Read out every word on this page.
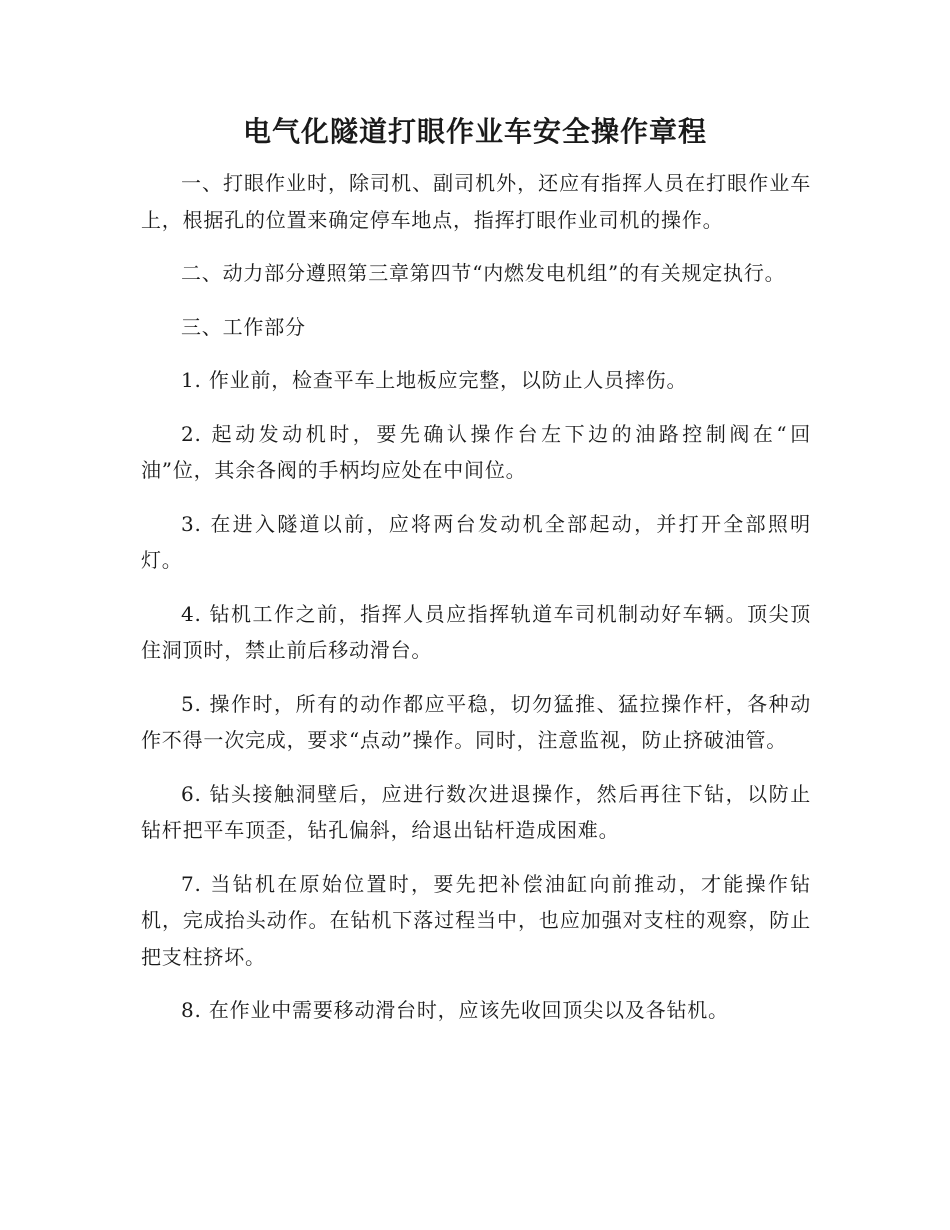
电气化隧道打眼作业车安全操作章程

一、打眼作业时，除司机、副司机外，还应有指挥人员在打眼作业车上，根据孔的位置来确定停车地点，指挥打眼作业司机的操作。

二、动力部分遵照第三章第四节“内燃发电机组”的有关规定执行。

三、工作部分

1. 作业前，检查平车上地板应完整，以防止人员摔伤。

2. 起动发动机时，要先确认操作台左下边的油路控制阀在“回油”位，其余各阀的手柄均应处在中间位。

3. 在进入隧道以前，应将两台发动机全部起动，并打开全部照明灯。

4. 钻机工作之前，指挥人员应指挥轨道车司机制动好车辆。顶尖顶住洞顶时，禁止前后移动滑台。

5. 操作时，所有的动作都应平稳，切勿猛推、猛拉操作杆，各种动作不得一次完成，要求“点动”操作。同时，注意监视，防止挤破油管。

6. 钻头接触洞壁后，应进行数次进退操作，然后再往下钻，以防止钻杆把平车顶歪，钻孔偏斜，给退出钻杆造成困难。

7. 当钻机在原始位置时，要先把补偿油缸向前推动，才能操作钻机，完成抬头动作。在钻机下落过程当中，也应加强对支柱的观察，防止把支柱挤坏。

8. 在作业中需要移动滑台时，应该先收回顶尖以及各钻机。
